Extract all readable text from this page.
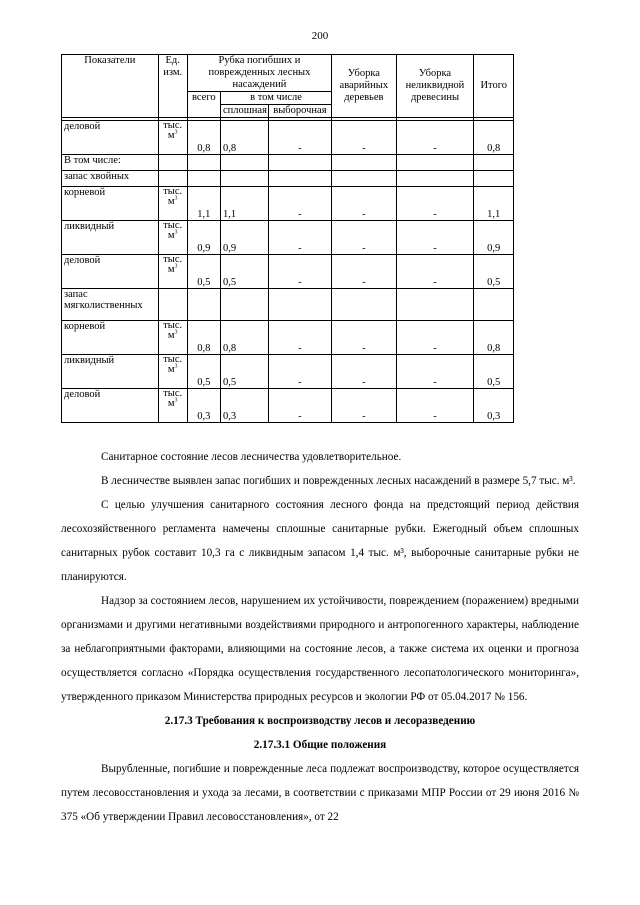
200
Показатели	Ед. изм.	Рубка погибших и поврежденных лесных насаждений			Уборка аварийных деревьев	Уборка неликвидной древесины	Итого
		всего	в том числе				
			сплошная	выборочная			

деловой	тыс. $м^3$	0,8	0,8	-	-	-	0,8
В том числе:							
запас хвойных							
корневой	тыс. $м^3$	1,1	1,1	-	-	-	1,1
ликвидный	тыс. $м^3$	0,9	0,9	-	-	-	0,9
деловой	тыс. $м^3$	0,5	0,5	-	-	-	0,5
запас мягколиственных							
корневой	тыс. $м^3$	0,8	0,8	-	-	-	0,8
ликвидный	тыс. $м^3$	0,5	0,5	-	-	-	0,5
деловой	тыс. $м^3$	0,3	0,3	-	-	-	0,3

Санитарное состояние лесов лесничества удовлетворительное.

В лесничестве выявлен запас погибших и поврежденных лесных насаждений в размере 5,7 тыс. м³.

С целью улучшения санитарного состояния лесного фонда на предстоящий период действия лесохозяйственного регламента намечены сплошные санитарные рубки. Ежегодный объем сплошных санитарных рубок составит 10,3 га с ликвидным запасом 1,4 тыс. м³, выборочные санитарные рубки не планируются.

Надзор за состоянием лесов, нарушением их устойчивости, повреждением (поражением) вредными организмами и другими негативными воздействиями природного и антропогенного характеры, наблюдение за неблагоприятными факторами, влияющими на состояние лесов, а также система их оценки и прогноза осуществляется согласно «Порядка осуществления государственного лесопатологического мониторинга», утвержденного приказом Министерства природных ресурсов и экологии РФ от 05.04.2017 № 156.

2.17.3 Требования к воспроизводству лесов и лесоразведению

2.17.3.1 Общие положения

Вырубленные, погибшие и поврежденные леса подлежат воспроизводству, которое осуществляется путем лесовосстановления и ухода за лесами, в соответствии с приказами МПР России от 29 июня 2016 № 375 «Об утверждении Правил лесовосстановления», от 22
